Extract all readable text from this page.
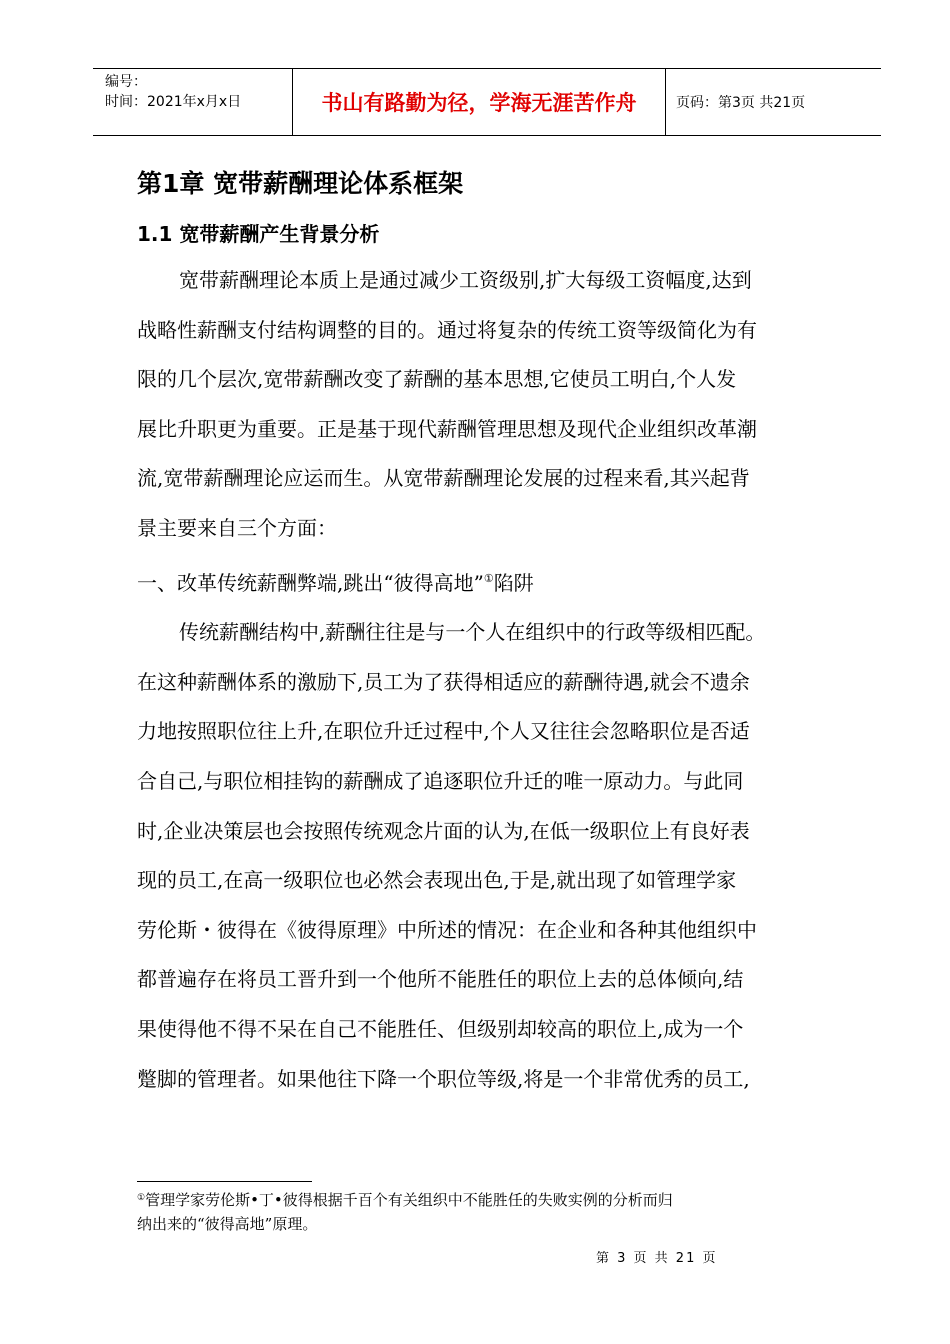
编号：
时间：2021年x月x日	书山有路勤为径，学海无涯苦作舟	页码：第3页 共21页
第1章 宽带薪酬理论体系框架
1.1 宽带薪酬产生背景分析

宽带薪酬理论本质上是通过减少工资级别,扩大每级工资幅度,达到
战略性薪酬支付结构调整的目的。通过将复杂的传统工资等级简化为有
限的几个层次,宽带薪酬改变了薪酬的基本思想,它使员工明白,个人发
展比升职更为重要。正是基于现代薪酬管理思想及现代企业组织改革潮
流,宽带薪酬理论应运而生。从宽带薪酬理论发展的过程来看,其兴起背
景主要来自三个方面：

一、改革传统薪酬弊端,跳出“彼得高地”①陷阱

传统薪酬结构中,薪酬往往是与一个人在组织中的行政等级相匹配。
在这种薪酬体系的激励下,员工为了获得相适应的薪酬待遇,就会不遗余
力地按照职位往上升,在职位升迁过程中,个人又往往会忽略职位是否适
合自己,与职位相挂钩的薪酬成了追逐职位升迁的唯一原动力。与此同
时,企业决策层也会按照传统观念片面的认为,在低一级职位上有良好表
现的员工,在高一级职位也必然会表现出色,于是,就出现了如管理学家
劳伦斯・彼得在《彼得原理》中所述的情况：在企业和各种其他组织中
都普遍存在将员工晋升到一个他所不能胜任的职位上去的总体倾向,结
果使得他不得不呆在自己不能胜任、但级别却较高的职位上,成为一个
蹩脚的管理者。如果他往下降一个职位等级,将是一个非常优秀的员工,

①管理学家劳伦斯•丁•彼得根据千百个有关组织中不能胜任的失败实例的分析而归
纳出来的“彼得高地”原理。
第 3 页 共 21 页
